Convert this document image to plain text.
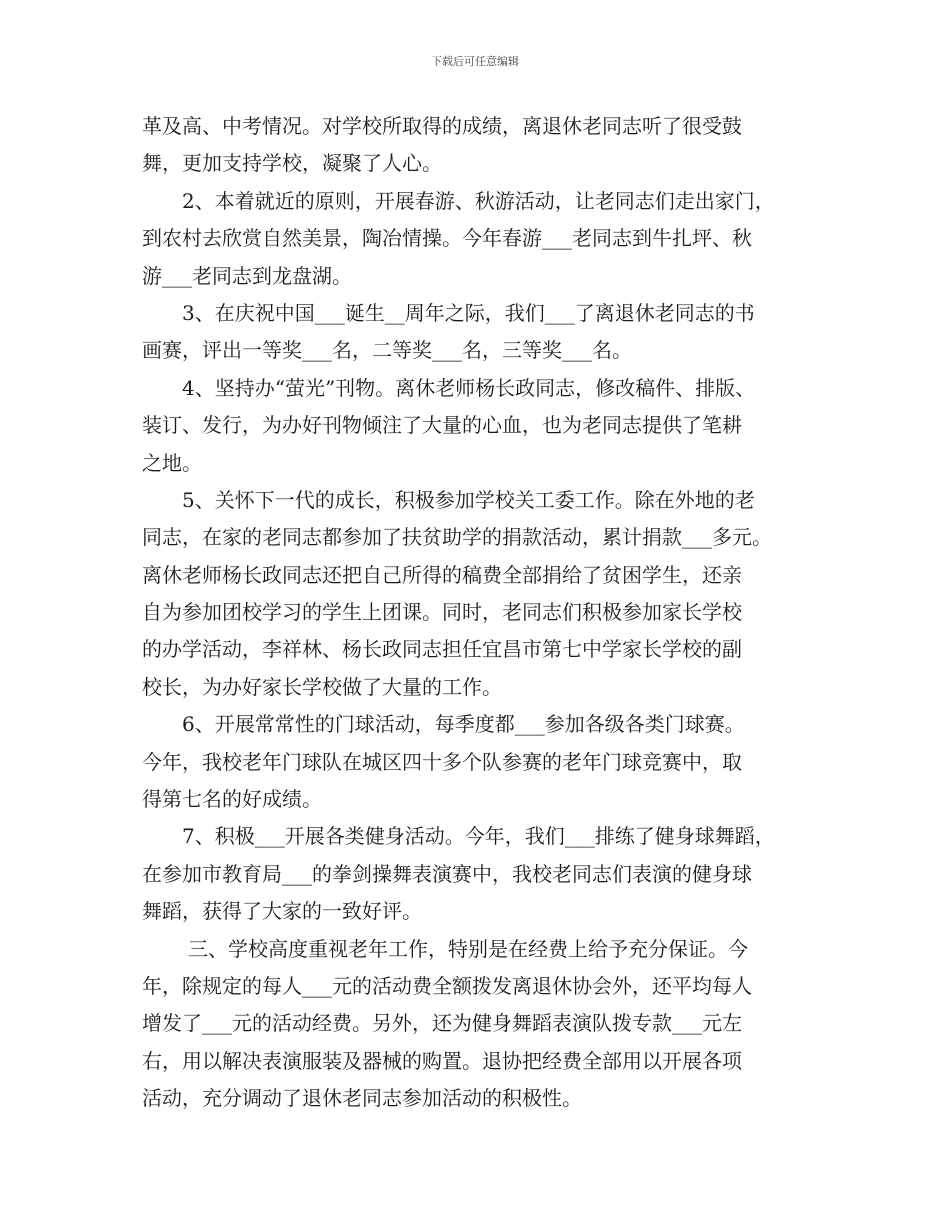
下载后可任意编辑
革及高、中考情况。对学校所取得的成绩，离退休老同志听了很受鼓
舞，更加支持学校，凝聚了人心。
2、本着就近的原则，开展春游、秋游活动，让老同志们走出家门，
到农村去欣赏自然美景，陶冶情操。今年春游___老同志到牛扎坪、秋
游___老同志到龙盘湖。
3、在庆祝中国___诞生__周年之际，我们___了离退休老同志的书
画赛，评出一等奖___名，二等奖___名，三等奖___名。
4、坚持办“萤光”刊物。离休老师杨长政同志，修改稿件、排版、
装订、发行，为办好刊物倾注了大量的心血，也为老同志提供了笔耕
之地。
5、关怀下一代的成长，积极参加学校关工委工作。除在外地的老
同志，在家的老同志都参加了扶贫助学的捐款活动，累计捐款___多元。
离休老师杨长政同志还把自己所得的稿费全部捐给了贫困学生，还亲
自为参加团校学习的学生上团课。同时，老同志们积极参加家长学校
的办学活动，李祥林、杨长政同志担任宜昌市第七中学家长学校的副
校长，为办好家长学校做了大量的工作。
6、开展常常性的门球活动，每季度都___参加各级各类门球赛。
今年，我校老年门球队在城区四十多个队参赛的老年门球竞赛中，取
得第七名的好成绩。
7、积极___开展各类健身活动。今年，我们___排练了健身球舞蹈，
在参加市教育局___的拳剑操舞表演赛中，我校老同志们表演的健身球
舞蹈，获得了大家的一致好评。
三、学校高度重视老年工作，特别是在经费上给予充分保证。今
年，除规定的每人___元的活动费全额拨发离退休协会外，还平均每人
增发了___元的活动经费。另外，还为健身舞蹈表演队拨专款___元左
右，用以解决表演服装及器械的购置。退协把经费全部用以开展各项
活动，充分调动了退休老同志参加活动的积极性。
